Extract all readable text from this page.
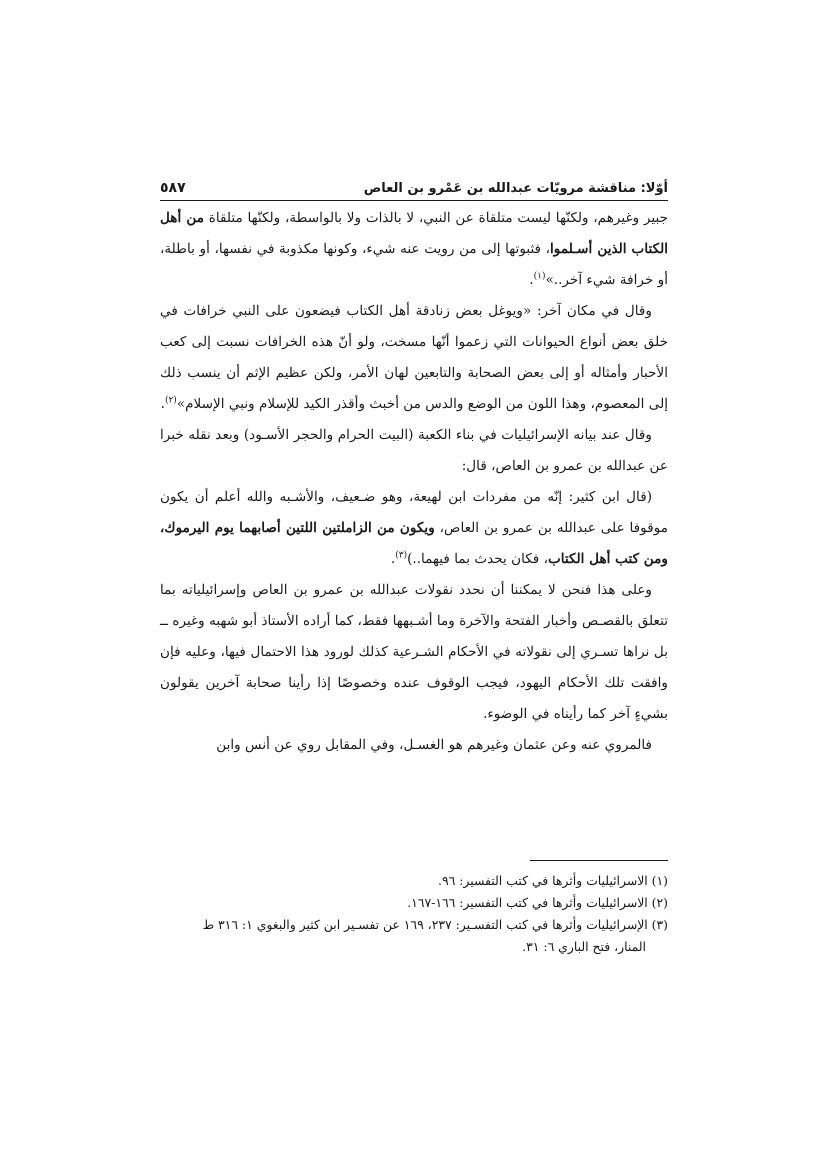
أوّلا: مناقشة مرويّات عبدالله بن عَمْرو بن العاص
٥٨٧

جبير وغيرهم، ولكنّها ليست متلقاة عن النبي، لا بالذات ولا بالواسطة، ولكنّها متلقاة من أهل الكتاب الذين أسـلموا، فثبوتها إلى من رويت عنه شيء، وكونها مكذوبة في نفسها، أو باطلة، أو خرافة شيء آخر..»$^{(١)}$.

وقال في مكان آخر: «ويوغل بعض زنادقة أهل الكتاب فيضعون على النبي خرافات في خلق بعض أنواع الحيوانات التي زعموا أنّها مسخت، ولو أنّ هذه الخرافات نسبت إلى كعب الأحبار وأمثاله أو إلى بعض الصحابة والتابعين لهان الأمر، ولكن عظيم الإثم أن ينسب ذلك إلى المعصوم، وهذا اللون من الوضع والدس من أخبث وأقذر الكيد للإسلام ونبي الإسلام»$^{(٢)}$.

وقال عند بيانه الإسرائيليات في بناء الكعبة (البيت الحرام والحجر الأسـود) وبعد نقله خبرا عن عبدالله بن عمرو بن العاص، قال:

(قال ابن كثير: إنّه من مفردات ابن لهيعة، وهو ضـعيف، والأشـبه والله أعلم أن يكون موقوفا على عبدالله بن عمرو بن العاص، ويكون من الزاملتين اللتين أصابهما يوم اليرموك، ومن كتب أهل الكتاب، فكان يحدث بما فيهما..)$^{(٣)}$.

وعلى هذا فنحن لا يمكننا أن نحدد نقولات عبدالله بن عمرو بن العاص وإسرائيلياته بما تتعلق بالقصـص وأخبار الفتحة والآخرة وما أشـبهها فقط، كما أراده الأستاذ أبو شهبه وغيره ــ بل نراها تسـري إلى نقولاته في الأحكام الشـرعية كذلك لورود هذا الاحتمال فيها، وعليه فإن وافقت تلك الأحكام اليهود، فيجب الوقوف عنده وخصوصًا إذا رأينا صحابة آخرين يقولون بشيءٍ آخر كما رأيناه في الوضوء.

فالمروي عنه وعن عثمان وغيرهم هو الغسـل، وفي المقابل روي عن أنس وابن

(١) الاسرائيليات وأثرها في كتب التفسير: ٩٦.

(٢) الاسرائيليات وأثرها في كتب التفسير: ١٦٦-١٦٧.

(٣) الإسرائيليات وأثرها في كتب التفسـير: ٢٣٧، ١٦٩ عن تفسـير ابن كثير والبغوي ١: ٣١٦ ط
المنار، فتح الباري ٦: ٣١.
